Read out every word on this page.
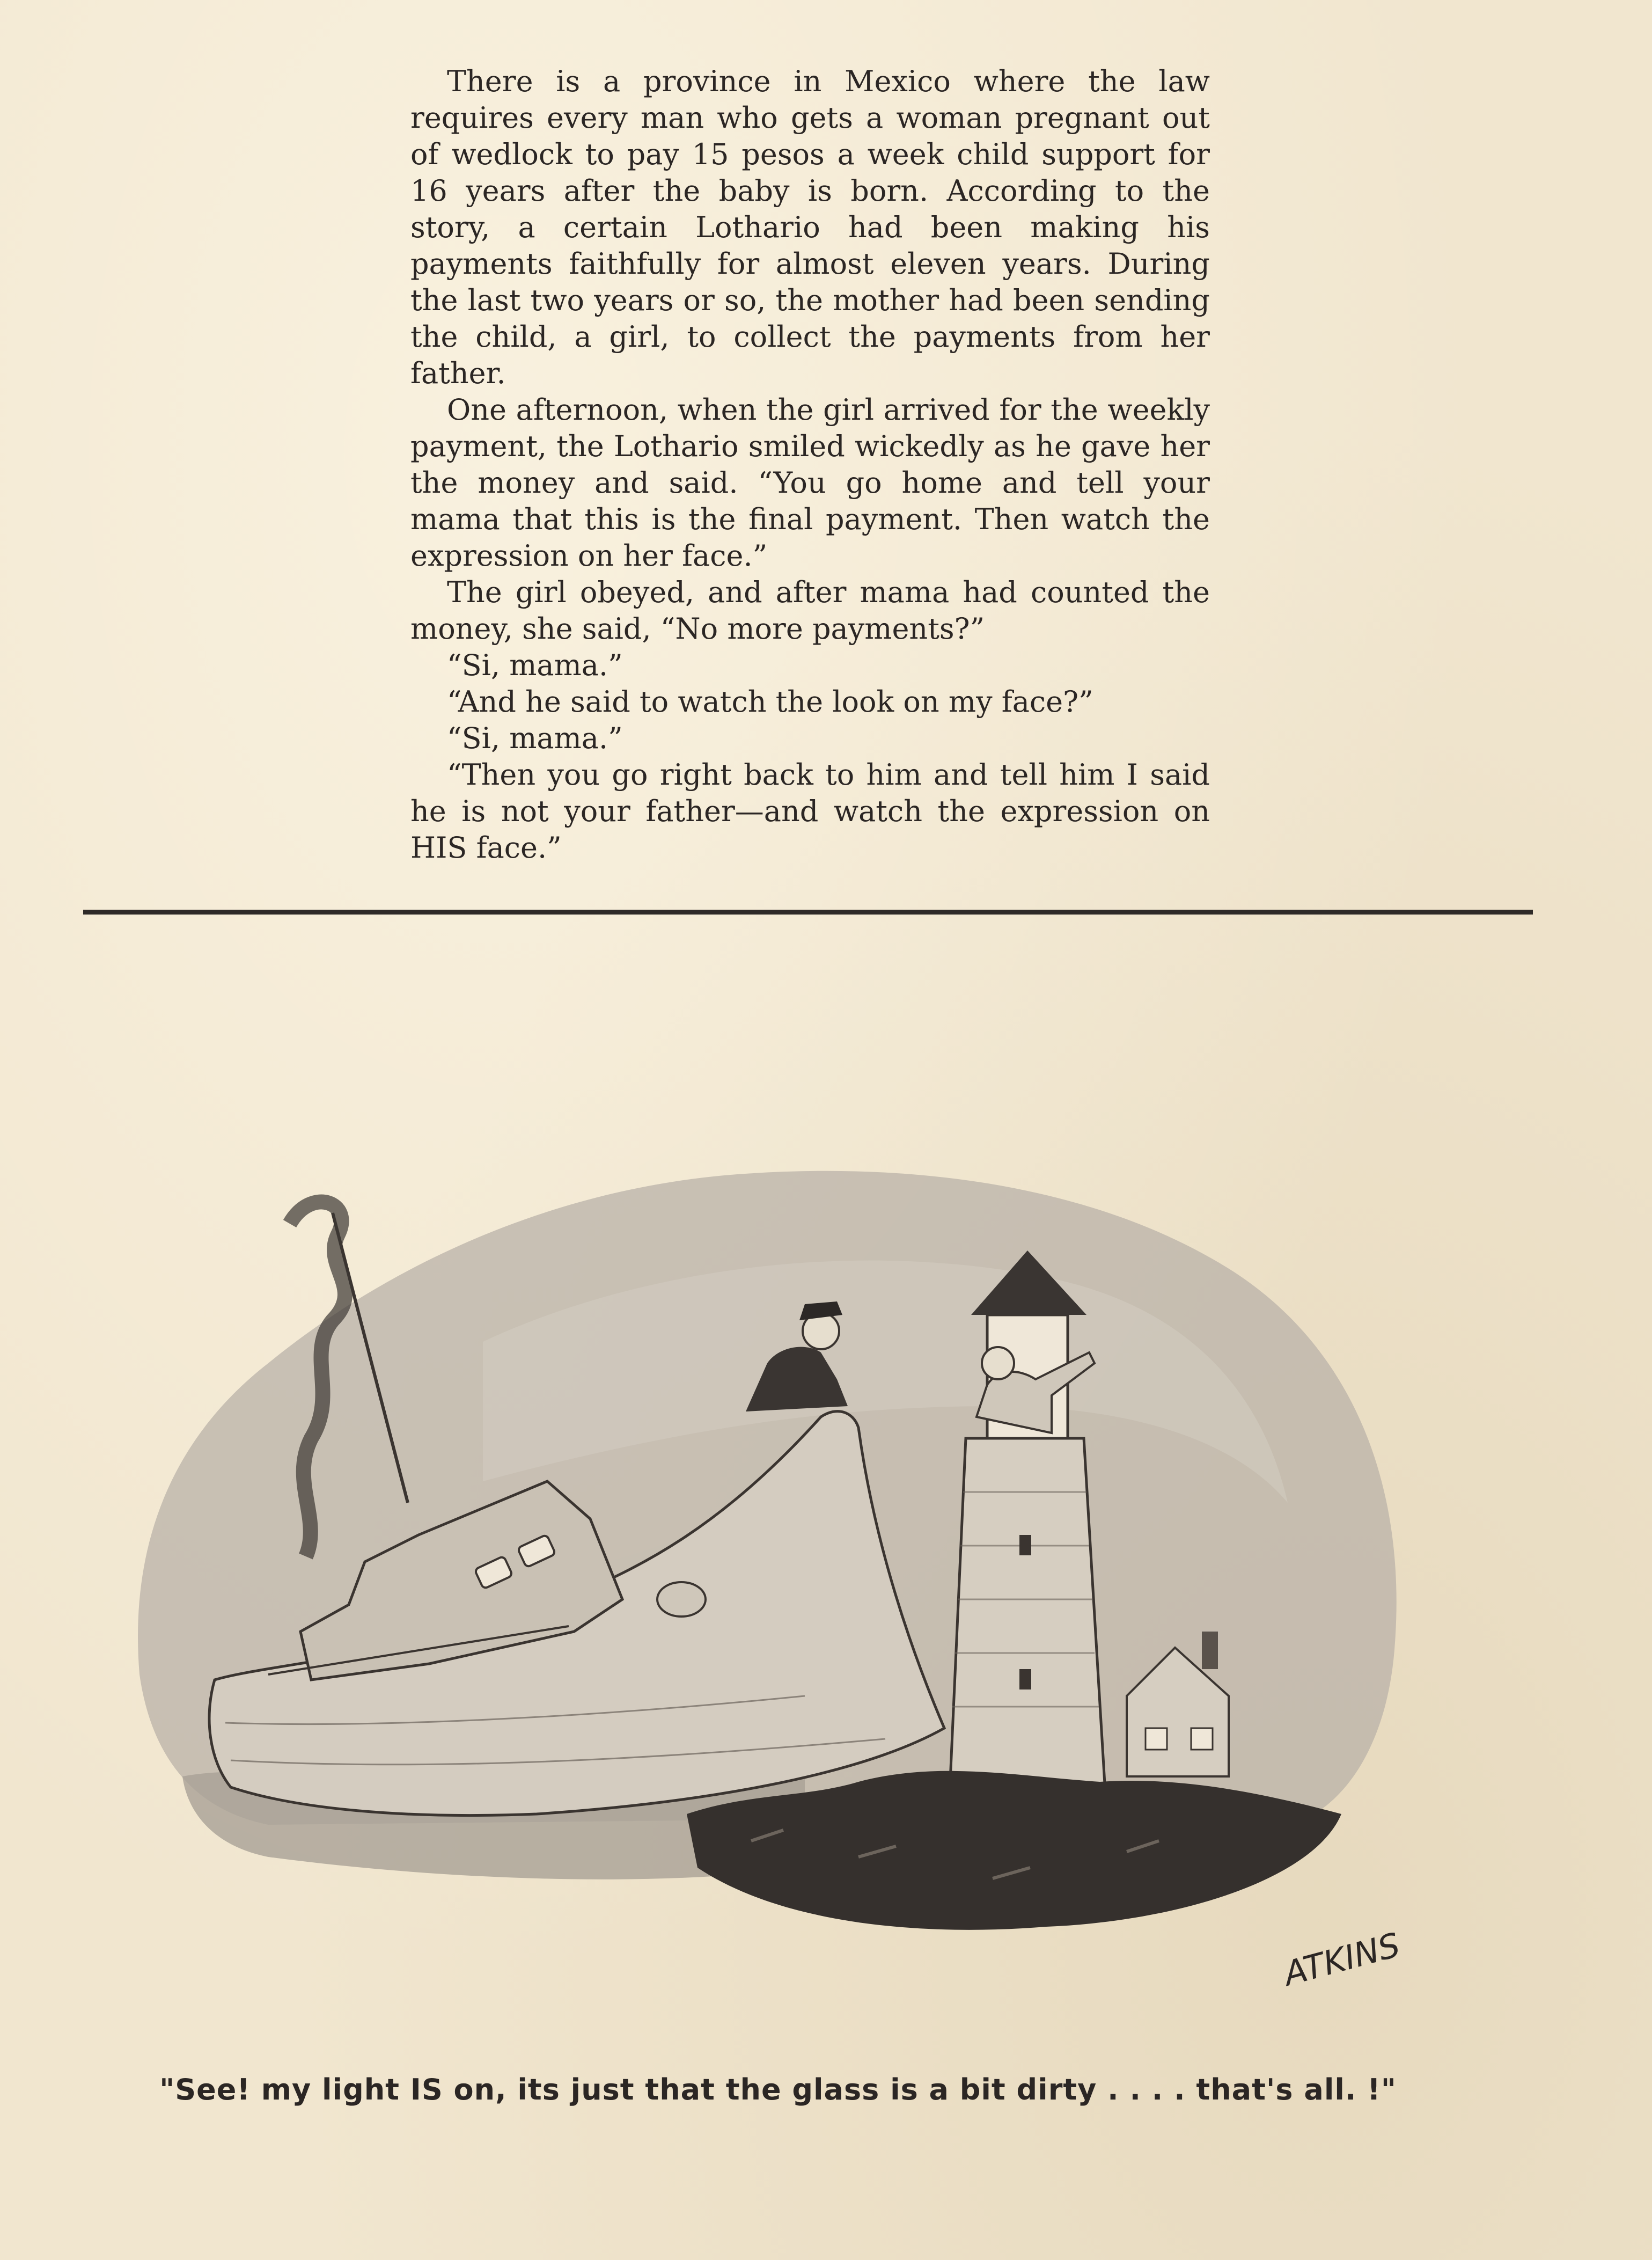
There is a province in Mexico where the law requires every man who gets a woman pregnant out of wedlock to pay 15 pesos a week child support for 16 years after the baby is born. According to the story, a certain Lothario had been making his payments faithfully for almost eleven years. During the last two years or so, the mother had been sending the child, a girl, to collect the payments from her father.

One afternoon, when the girl arrived for the weekly payment, the Lothario smiled wickedly as he gave her the money and said. “You go home and tell your mama that this is the final payment. Then watch the expression on her face.”

The girl obeyed, and after mama had counted the money, she said, “No more payments?”

“Si, mama.”

“And he said to watch the look on my face?”

“Si, mama.”

“Then you go right back to him and tell him I said he is not your father—and watch the expression on HIS face.”

ATKINS
"See! my light IS on, its just that the glass is a bit dirty . . . . that's all. !"
